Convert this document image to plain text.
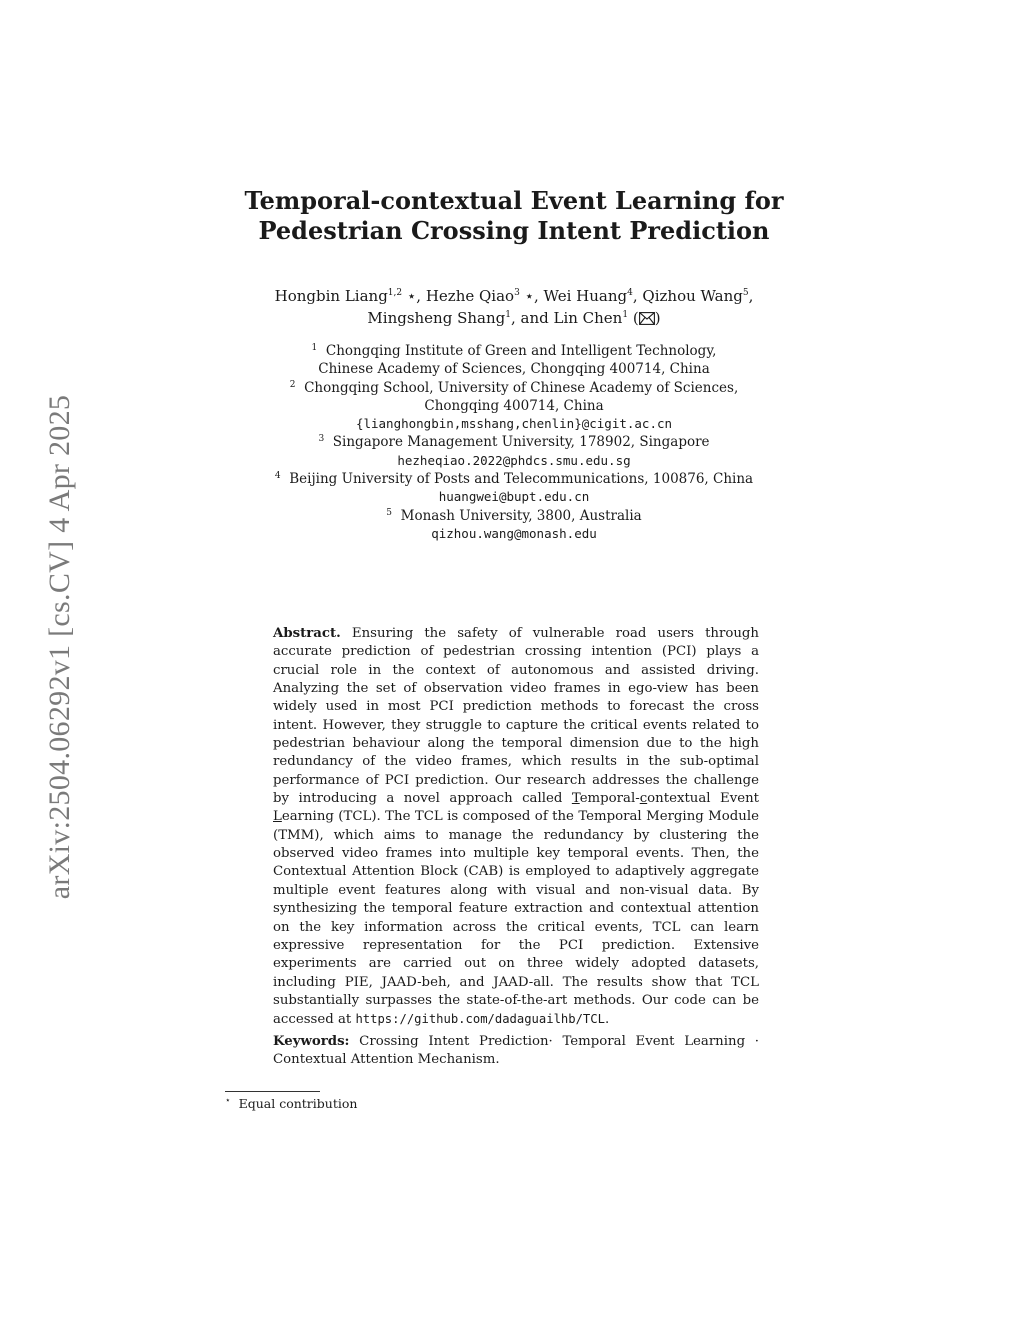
arXiv:2504.06292v1 [cs.CV] 4 Apr 2025
Temporal-contextual Event Learning for
Pedestrian Crossing Intent Prediction
Hongbin Liang$^{1,2}$ ⋆, Hezhe Qiao$^3$ ⋆, Wei Huang$^4$, Qizhou Wang$^5$,
Mingsheng Shang$^1$, and Lin Chen$^1$ ( )
$^1$ Chongqing Institute of Green and Intelligent Technology,
Chinese Academy of Sciences, Chongqing 400714, China
$^2$ Chongqing School, University of Chinese Academy of Sciences,
Chongqing 400714, China
{lianghongbin,msshang,chenlin}@cigit.ac.cn
$^3$ Singapore Management University, 178902, Singapore
hezheqiao.2022@phdcs.smu.edu.sg
$^4$ Beijing University of Posts and Telecommunications, 100876, China
huangwei@bupt.edu.cn
$^5$ Monash University, 3800, Australia
qizhou.wang@monash.edu
Abstract. Ensuring the safety of vulnerable road users through accurate prediction of pedestrian crossing intention (PCI) plays a crucial role in the context of autonomous and assisted driving. Analyzing the set of observation video frames in ego-view has been widely used in most PCI prediction methods to forecast the cross intent. However, they struggle to capture the critical events related to pedestrian behaviour along the temporal dimension due to the high redundancy of the video frames, which results in the sub-optimal performance of PCI prediction. Our research addresses the challenge by introducing a novel approach called Temporal-contextual Event Learning (TCL). The TCL is composed of the Temporal Merging Module (TMM), which aims to manage the redundancy by clustering the observed video frames into multiple key temporal events. Then, the Contextual Attention Block (CAB) is employed to adaptively aggregate multiple event features along with visual and non-visual data. By synthesizing the temporal feature extraction and contextual attention on the key information across the critical events, TCL can learn expressive representation for the PCI prediction. Extensive experiments are carried out on three widely adopted datasets, including PIE, JAAD-beh, and JAAD-all. The results show that TCL substantially surpasses the state-of-the-art methods. Our code can be accessed at https://github.com/dadaguailhb/TCL.
Keywords: Crossing Intent Prediction· Temporal Event Learning · Contextual Attention Mechanism.
⋆ Equal contribution
